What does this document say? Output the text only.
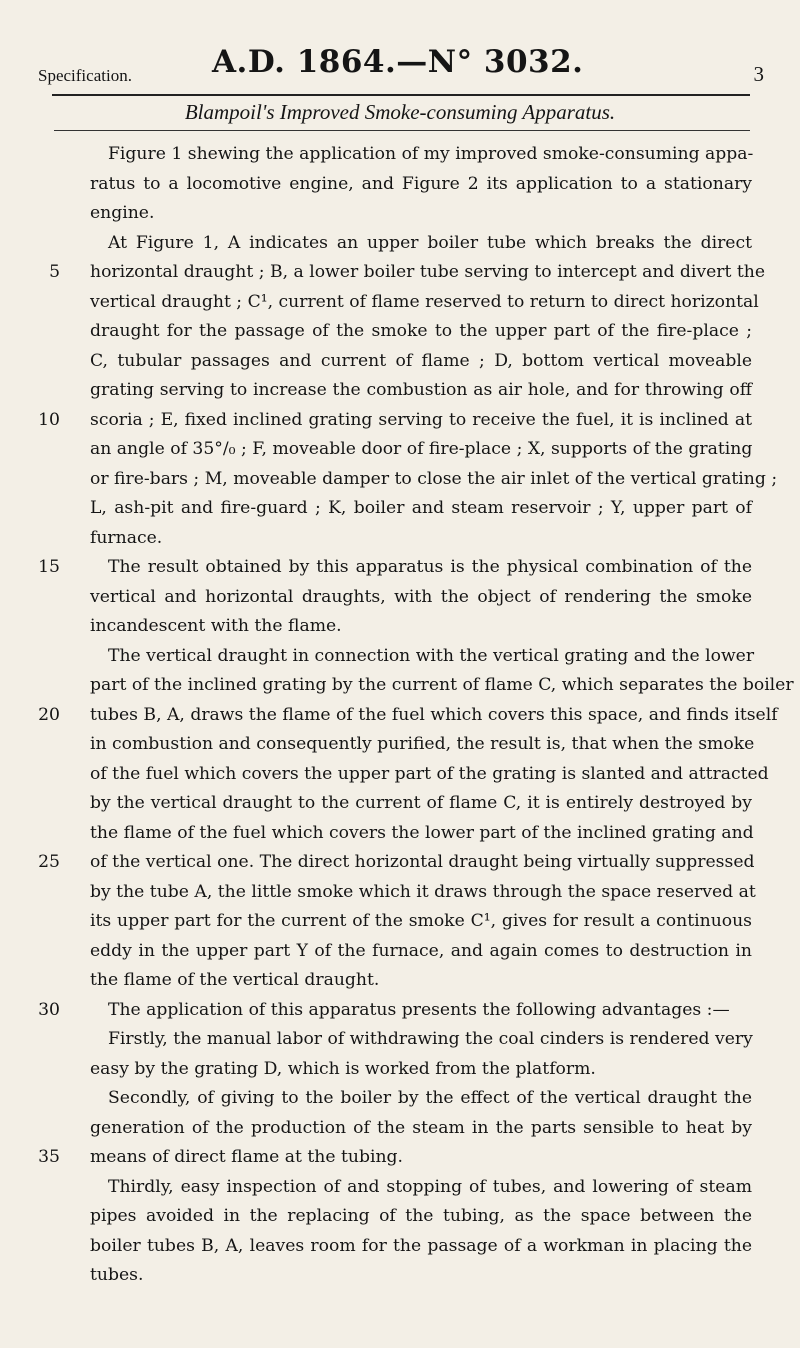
Specification.	A.D. 1864.—N° 3032.	3
Blampoil's Improved Smoke-consuming Apparatus.
Figure 1 shewing the application of my improved smoke-consuming appa-
ratus to a locomotive engine, and Figure 2 its application to a stationary
engine.
At Figure 1, A indicates an upper boiler tube which breaks the direct
5 horizontal draught ; B, a lower boiler tube serving to intercept and divert the
vertical draught ; C¹, current of flame reserved to return to direct horizontal
draught for the passage of the smoke to the upper part of the fire-place ;
C, tubular passages and current of flame ; D, bottom vertical moveable
grating serving to increase the combustion as air hole, and for throwing off
10 scoria ; E, fixed inclined grating serving to receive the fuel, it is inclined at
an angle of 35°/₀ ; F, moveable door of fire-place ; X, supports of the grating
or fire-bars ; M, moveable damper to close the air inlet of the vertical grating ;
L, ash-pit and fire-guard ; K, boiler and steam reservoir ; Y, upper part of
furnace.
15	The result obtained by this apparatus is the physical combination of the
vertical and horizontal draughts, with the object of rendering the smoke
incandescent with the flame.
The vertical draught in connection with the vertical grating and the lower
part of the inclined grating by the current of flame C, which separates the boiler
20 tubes B, A, draws the flame of the fuel which covers this space, and finds itself
in combustion and consequently purified, the result is, that when the smoke
of the fuel which covers the upper part of the grating is slanted and attracted
by the vertical draught to the current of flame C, it is entirely destroyed by
the flame of the fuel which covers the lower part of the inclined grating and
25 of the vertical one. The direct horizontal draught being virtually suppressed
by the tube A, the little smoke which it draws through the space reserved at
its upper part for the current of the smoke C¹, gives for result a continuous
eddy in the upper part Y of the furnace, and again comes to destruction in
the flame of the vertical draught.
30	The application of this apparatus presents the following advantages :—
Firstly, the manual labor of withdrawing the coal cinders is rendered very
easy by the grating D, which is worked from the platform.
Secondly, of giving to the boiler by the effect of the vertical draught the
generation of the production of the steam in the parts sensible to heat by
35 means of direct flame at the tubing.
Thirdly, easy inspection of and stopping of tubes, and lowering of steam
pipes avoided in the replacing of the tubing, as the space between the
boiler tubes B, A, leaves room for the passage of a workman in placing the
tubes.
